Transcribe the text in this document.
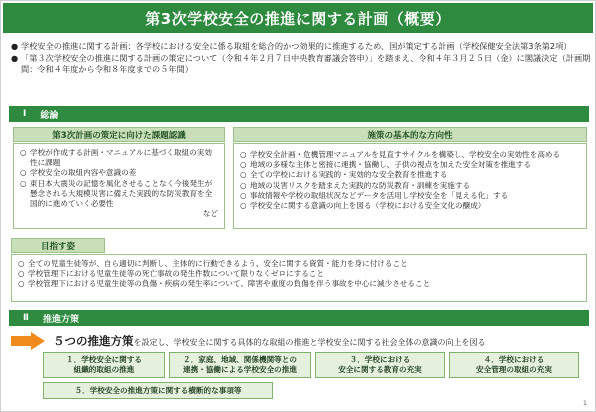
第3次学校安全の推進に関する計画（概要）
● 学校安全の推進に関する計画：各学校における安全に係る取組を総合的かつ効果的に推進するため、国が策定する計画（学校保健安全法第3条第2項）
● 「第３次学校安全の推進に関する計画の策定について（令和４年２月７日中央教育審議会答申）」を踏まえ、令和４年３月２５日（金）に閣議決定（計画期間：令和４年度から令和８年度までの５年間）
Ⅰ 総論
第3次計画の策定に向けた課題認識
○ 学校が作成する計画・マニュアルに基づく取組の実効性に課題
○ 学校安全の取組内容や意識の差
○ 東日本大震災の記憶を風化させることなく今後発生が懸念される大規模災害に備えた実践的な防災教育を全国的に進めていく必要性
など
施策の基本的な方向性
○ 学校安全計画・危機管理マニュアルを見直すサイクルを構築し、学校安全の実効性を高める
○ 地域の多様な主体と密接に連携・協働し、子供の視点を加えた安全対策を推進する
○ 全ての学校における実践的・実効的な安全教育を推進する
○ 地域の災害リスクを踏まえた実践的な防災教育・訓練を実施する
○ 事故情報や学校の取組状況などデータを活用し学校安全を「見える化」する
○ 学校安全に関する意識の向上を図る（学校における安全文化の醸成）
目指す姿
○ 全ての児童生徒等が、自ら適切に判断し、主体的に行動できるよう、安全に関する資質・能力を身に付けること
○ 学校管理下における児童生徒等の死亡事故の発生件数について限りなくゼロにすること
○ 学校管理下における児童生徒等の負傷・疾病の発生率について、障害や重度の負傷を伴う事故を中心に減少させること
Ⅱ 推進方策
５つの推進方策 を設定し、学校安全に関する具体的な取組の推進と学校安全に関する社会全体の意識の向上を図る
１．学校安全に関する
組織的取組の推進
２．家庭、地域、関係機関等との
連携・協働による学校安全の推進
３．学校における
安全に関する教育の充実
４．学校における
安全管理の取組の充実
５．学校安全の推進方策に関する横断的な事項等
1
